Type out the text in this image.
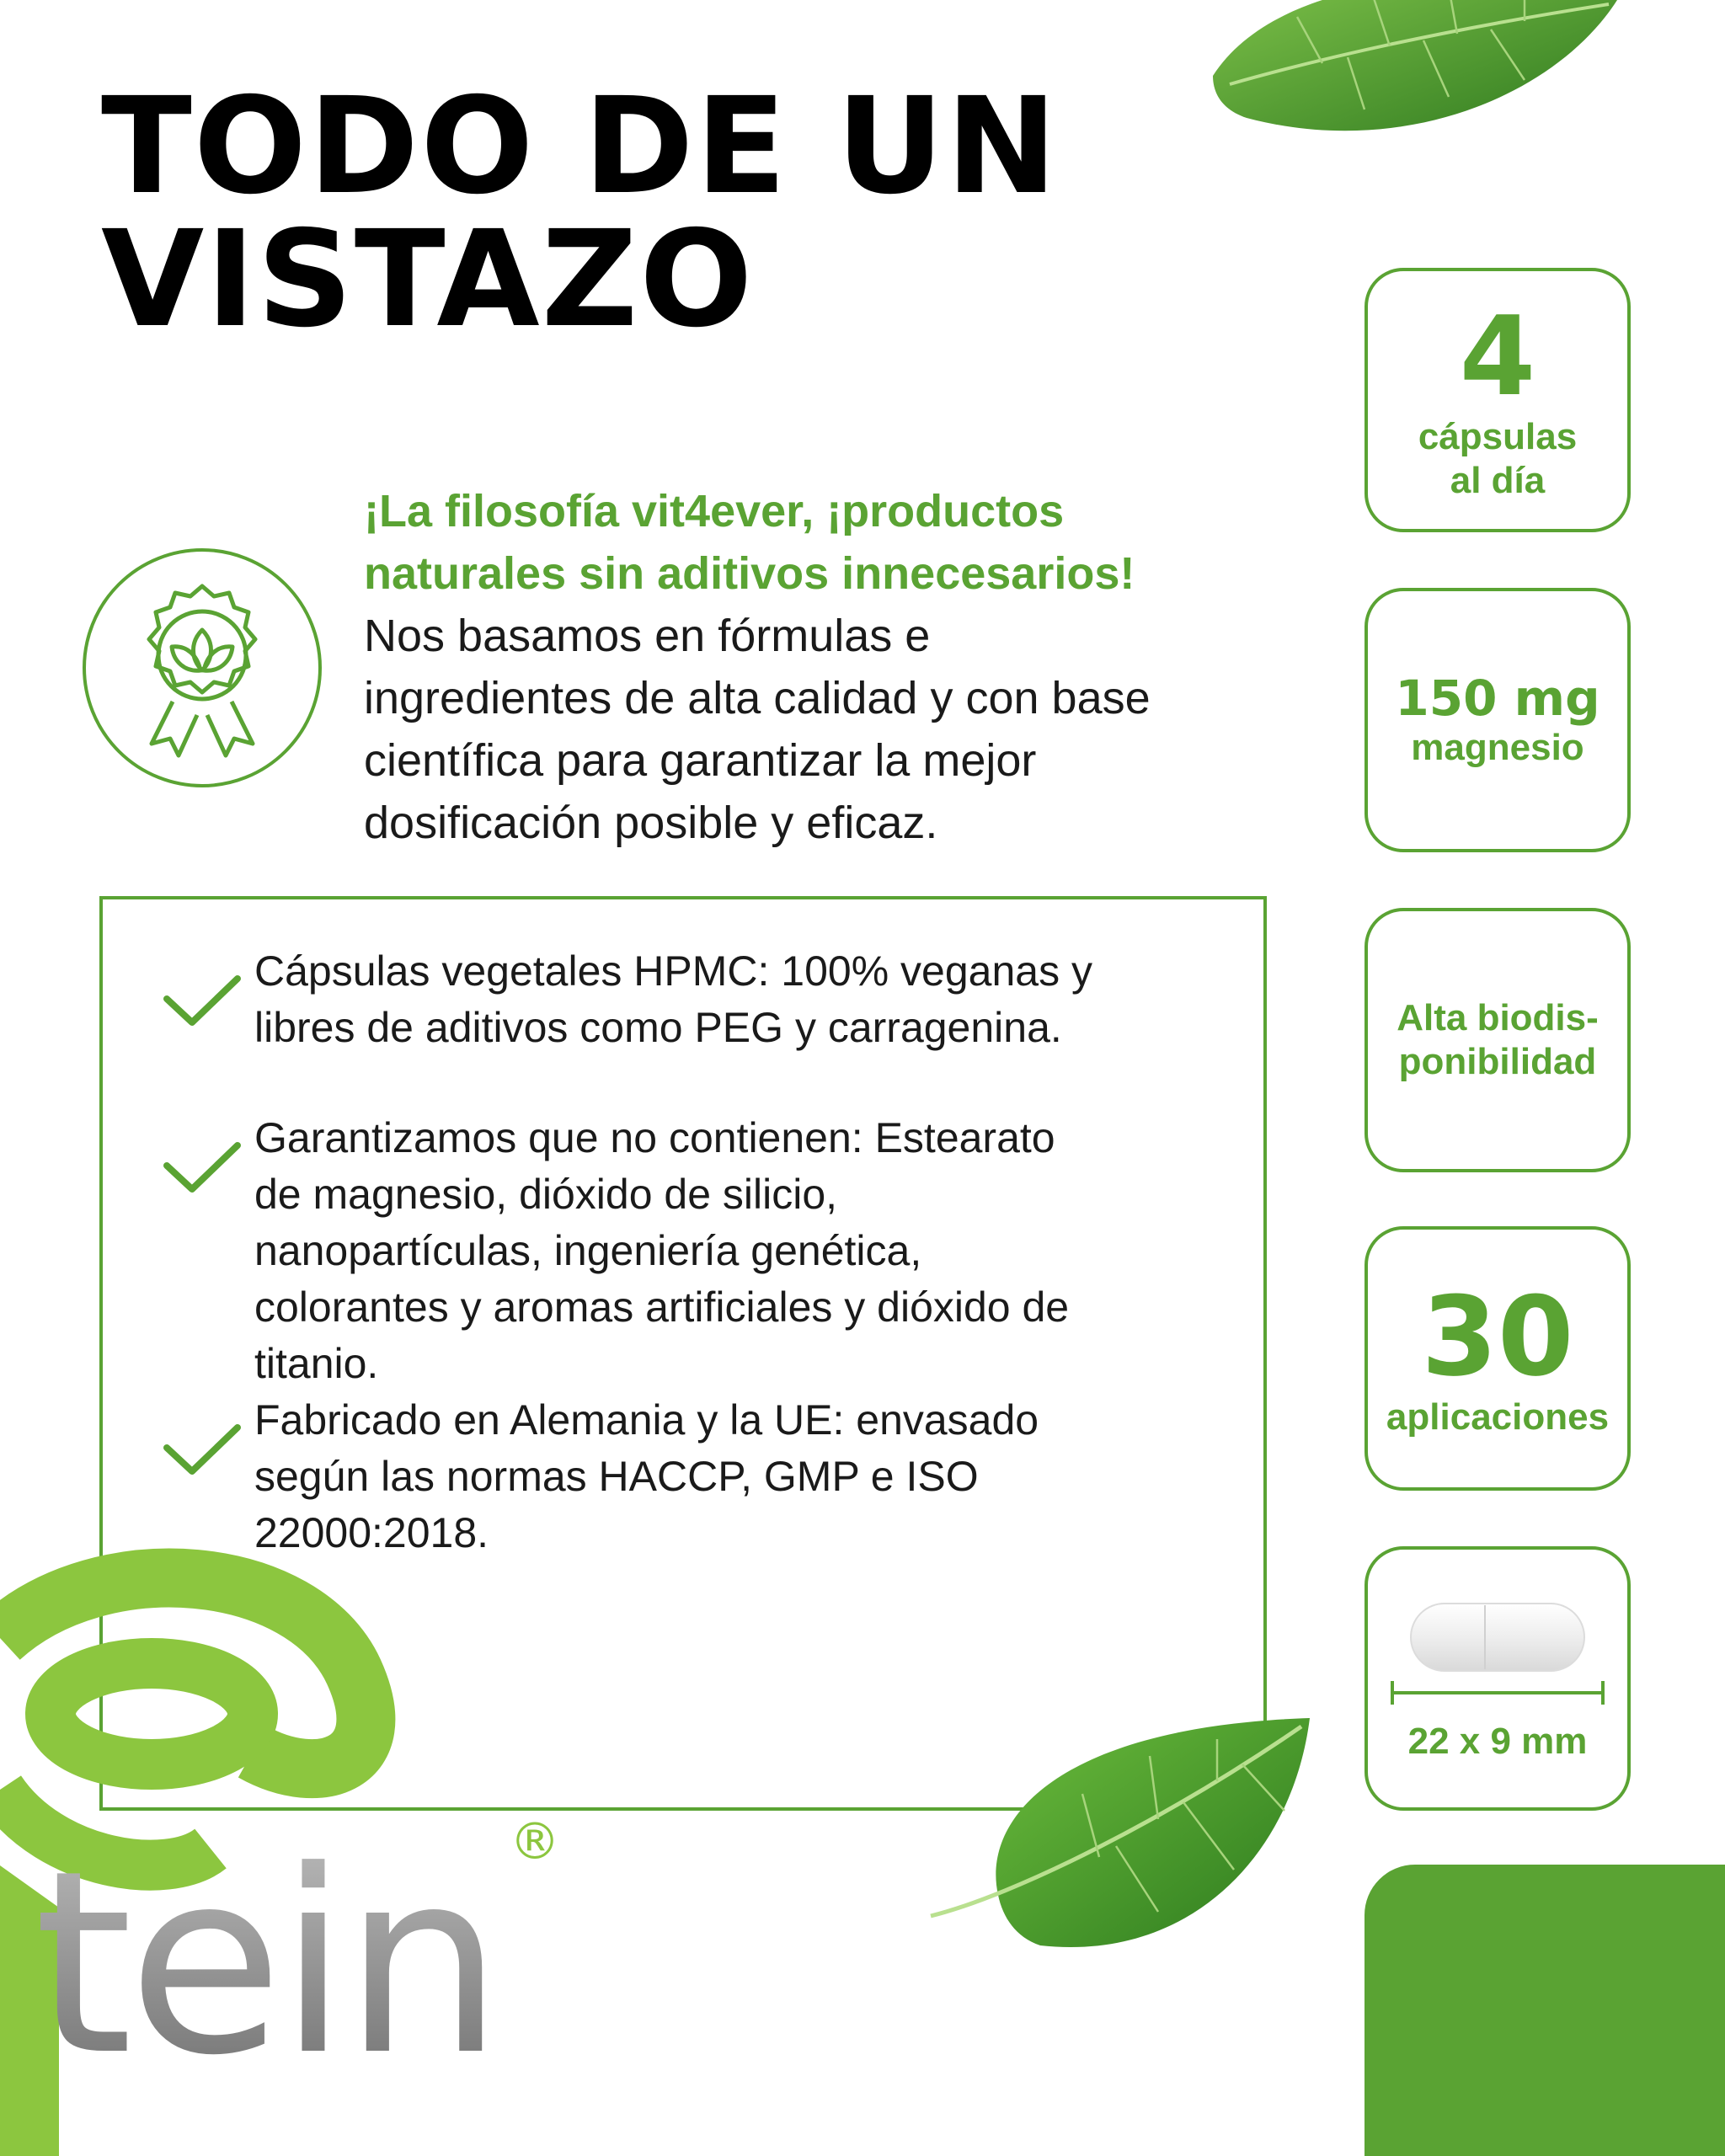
TODO DE UN
VISTAZO
¡La filosofía vit4ever, ¡productos naturales sin aditivos innecesarios!
Nos basamos en fórmulas e ingredientes de alta calidad y con base científica para garantizar la mejor dosificación posible y eficaz.
Cápsulas vegetales HPMC: 100% veganas y libres de aditivos como PEG y carragenina.
Garantizamos que no contienen: Estearato de magnesio, dióxido de silicio, nanopartículas, ingeniería genética, colorantes y aromas artificiales y dióxido de titanio.
Fabricado en Alemania y la UE: envasado según las normas HACCP, GMP e ISO 22000:2018.
4
cápsulas
al día
150 mg
magnesio
Alta biodis-
ponibilidad
30
aplicaciones
22 x 9 mm
tein ®
